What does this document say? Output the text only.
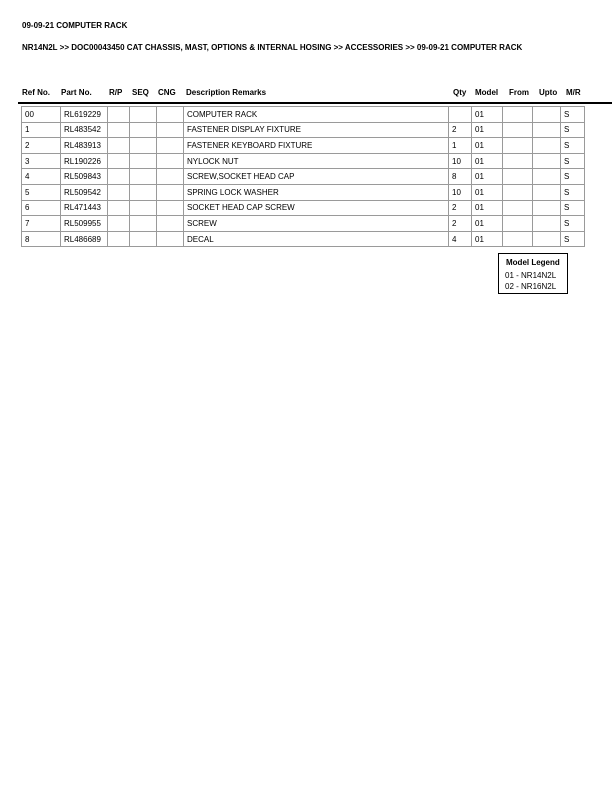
09-09-21 COMPUTER RACK
NR14N2L >> DOC00043450 CAT CHASSIS, MAST, OPTIONS & INTERNAL HOSING >> ACCESSORIES >> 09-09-21 COMPUTER RACK
Ref No. Part No. R/P SEQ CNG Description Remarks	Qty Model From Upto M/R
00	RL619229				COMPUTER RACK		01			S
1	RL483542				FASTENER DISPLAY FIXTURE	2	01			S
2	RL483913				FASTENER KEYBOARD FIXTURE	1	01			S
3	RL190226				NYLOCK NUT	10	01			S
4	RL509843				SCREW,SOCKET HEAD CAP	8	01			S
5	RL509542				SPRING LOCK WASHER	10	01			S
6	RL471443				SOCKET HEAD CAP SCREW	2	01			S
7	RL509955				SCREW	2	01			S
8	RL486689				DECAL	4	01			S
Model Legend
01 - NR14N2L
02 - NR16N2L
